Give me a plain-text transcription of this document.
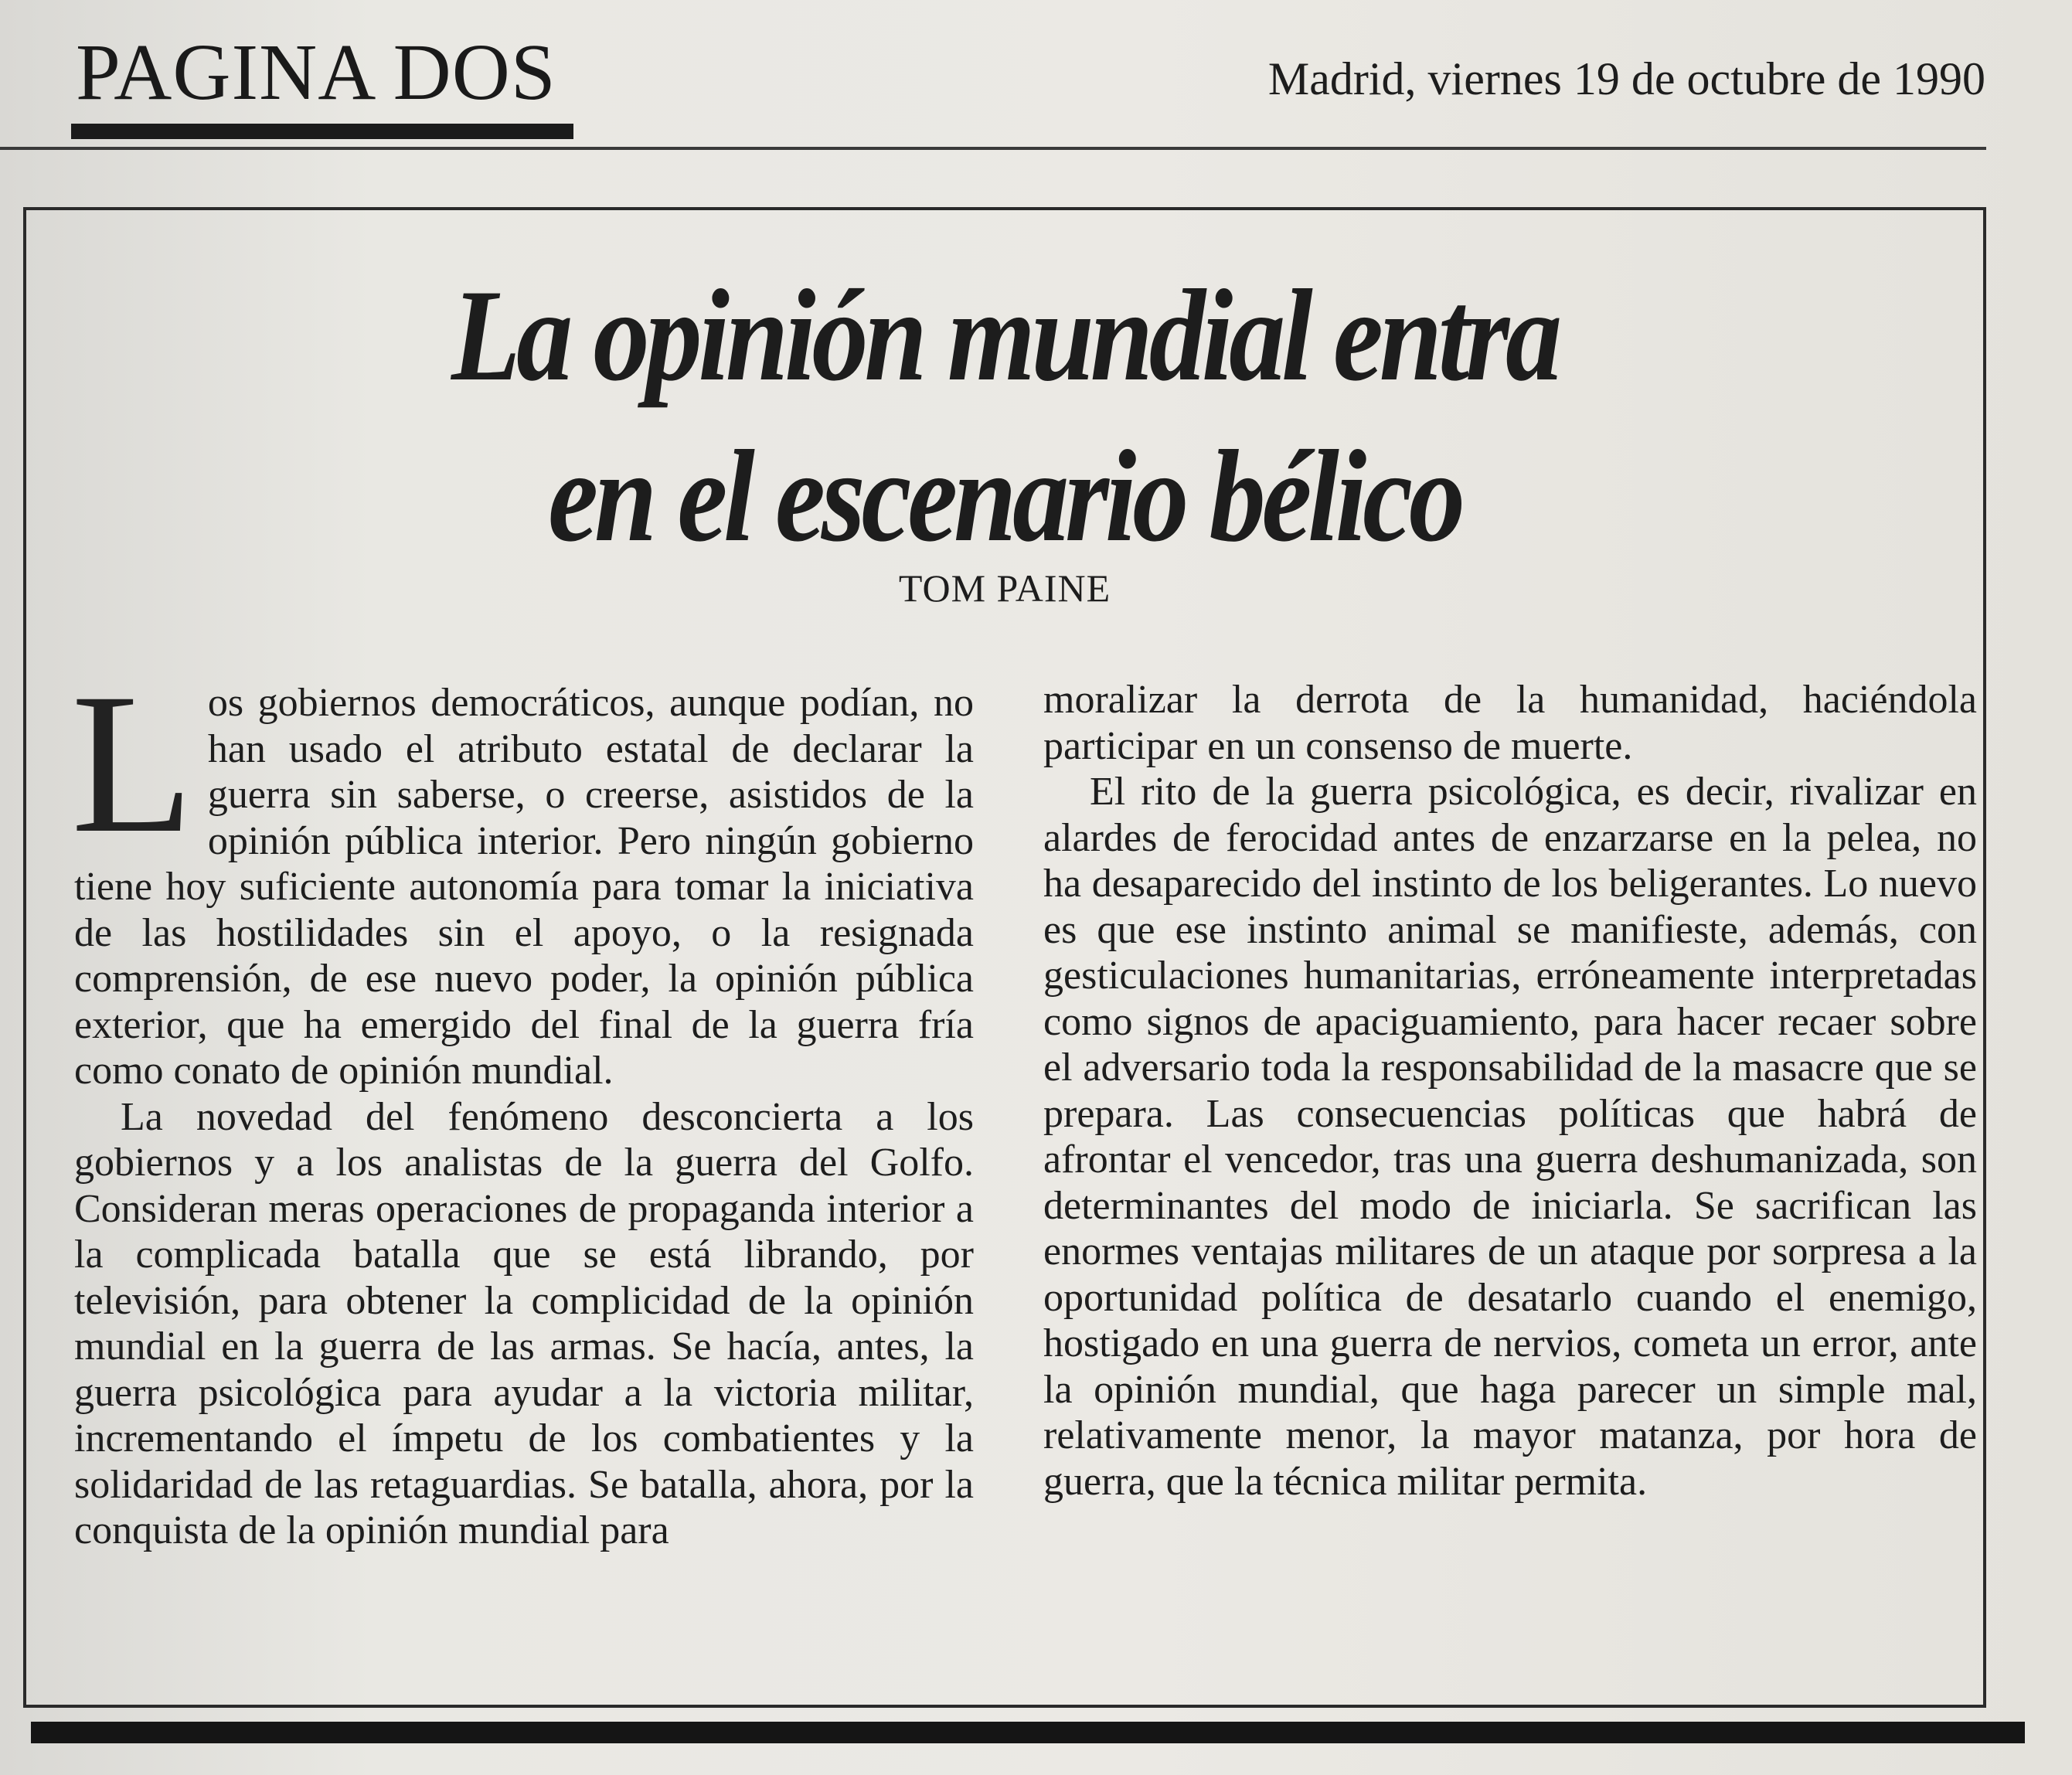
PAGINA DOS	Madrid, viernes 19 de octubre de 1990
La opinión mundial entra
en el escenario bélico
TOM PAINE

Los gobiernos democráticos, aunque podían, no han usado el atributo estatal de declarar la guerra sin saberse, o creerse, asistidos de la opinión pública interior. Pero ningún gobierno tiene hoy suficiente autonomía para tomar la iniciativa de las hostilidades sin el apoyo, o la resignada comprensión, de ese nuevo poder, la opinión pública exterior, que ha emergido del final de la guerra fría como conato de opinión mundial.

La novedad del fenómeno desconcierta a los gobiernos y a los analistas de la guerra del Golfo. Consideran meras operaciones de propaganda interior a la complicada batalla que se está librando, por televisión, para obtener la complicidad de la opinión mundial en la guerra de las armas. Se hacía, antes, la guerra psicológica para ayudar a la victoria militar, incrementando el ímpetu de los combatientes y la solidaridad de las retaguardias. Se batalla, ahora, por la conquista de la opinión mundial para

moralizar la derrota de la humanidad, haciéndola participar en un consenso de muerte.

El rito de la guerra psicológica, es decir, rivalizar en alardes de ferocidad antes de enzarzarse en la pelea, no ha desaparecido del instinto de los beligerantes. Lo nuevo es que ese instinto animal se manifieste, además, con gesticulaciones humanitarias, erróneamente interpretadas como signos de apaciguamiento, para hacer recaer sobre el adversario toda la responsabilidad de la masacre que se prepara. Las consecuencias políticas que habrá de afrontar el vencedor, tras una guerra deshumanizada, son determinantes del modo de iniciarla. Se sacrifican las enormes ventajas militares de un ataque por sorpresa a la oportunidad política de desatarlo cuando el enemigo, hostigado en una guerra de nervios, cometa un error, ante la opinión mundial, que haga parecer un simple mal, relativamente menor, la mayor matanza, por hora de guerra, que la técnica militar permita.
